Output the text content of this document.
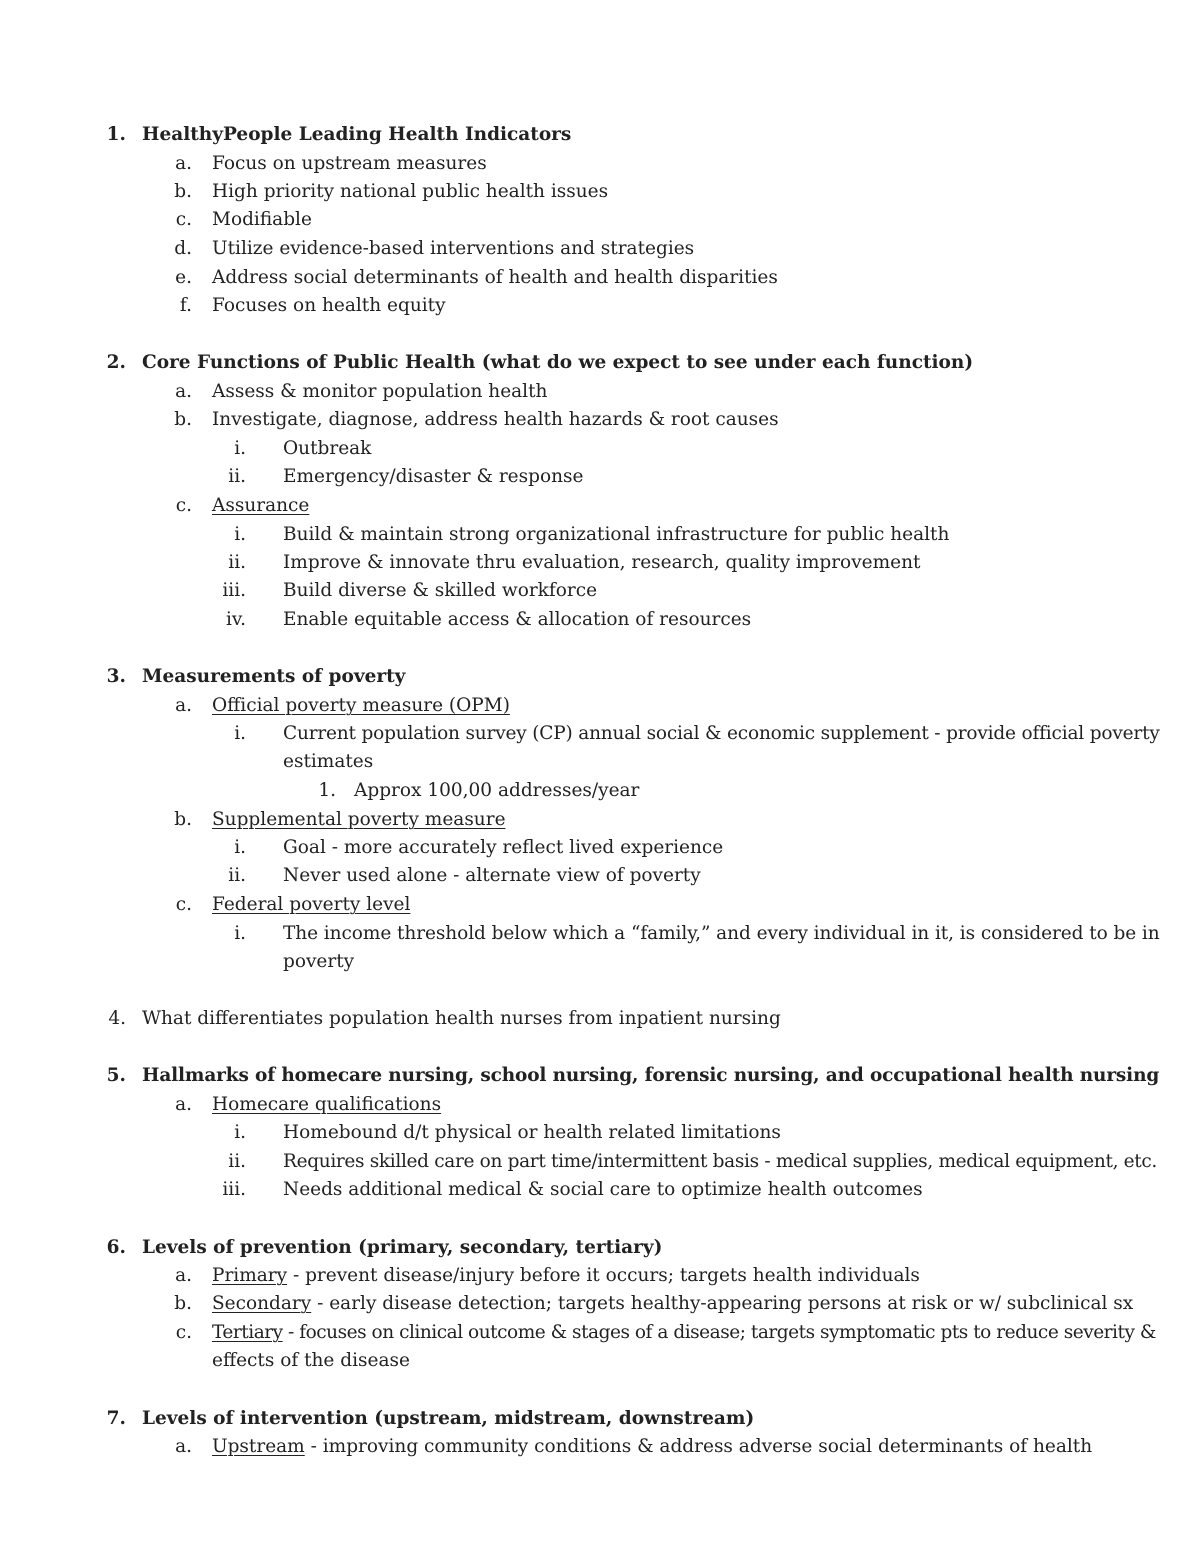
1. HealthyPeople Leading Health Indicators
a. Focus on upstream measures
b. High priority national public health issues
c. Modifiable
d. Utilize evidence-based interventions and strategies
e. Address social determinants of health and health disparities
f. Focuses on health equity
2. Core Functions of Public Health (what do we expect to see under each function)
a. Assess & monitor population health
b. Investigate, diagnose, address health hazards & root causes
i. Outbreak
ii. Emergency/disaster & response
c. Assurance
i. Build & maintain strong organizational infrastructure for public health
ii. Improve & innovate thru evaluation, research, quality improvement
iii. Build diverse & skilled workforce
iv. Enable equitable access & allocation of resources
3. Measurements of poverty
a. Official poverty measure (OPM)
i. Current population survey (CP) annual social & economic supplement - provide official poverty
estimates
1. Approx 100,00 addresses/year
b. Supplemental poverty measure
i. Goal - more accurately reflect lived experience
ii. Never used alone - alternate view of poverty
c. Federal poverty level
i. The income threshold below which a “family,” and every individual in it, is considered to be in
poverty
4. What differentiates population health nurses from inpatient nursing
5. Hallmarks of homecare nursing, school nursing, forensic nursing, and occupational health nursing
a. Homecare qualifications
i. Homebound d/t physical or health related limitations
ii. Requires skilled care on part time/intermittent basis - medical supplies, medical equipment, etc.
iii. Needs additional medical & social care to optimize health outcomes
6. Levels of prevention (primary, secondary, tertiary)
a. Primary - prevent disease/injury before it occurs; targets health individuals
b. Secondary - early disease detection; targets healthy-appearing persons at risk or w/ subclinical sx
c. Tertiary - focuses on clinical outcome & stages of a disease; targets symptomatic pts to reduce severity &
effects of the disease
7. Levels of intervention (upstream, midstream, downstream)
a. Upstream - improving community conditions & address adverse social determinants of health
